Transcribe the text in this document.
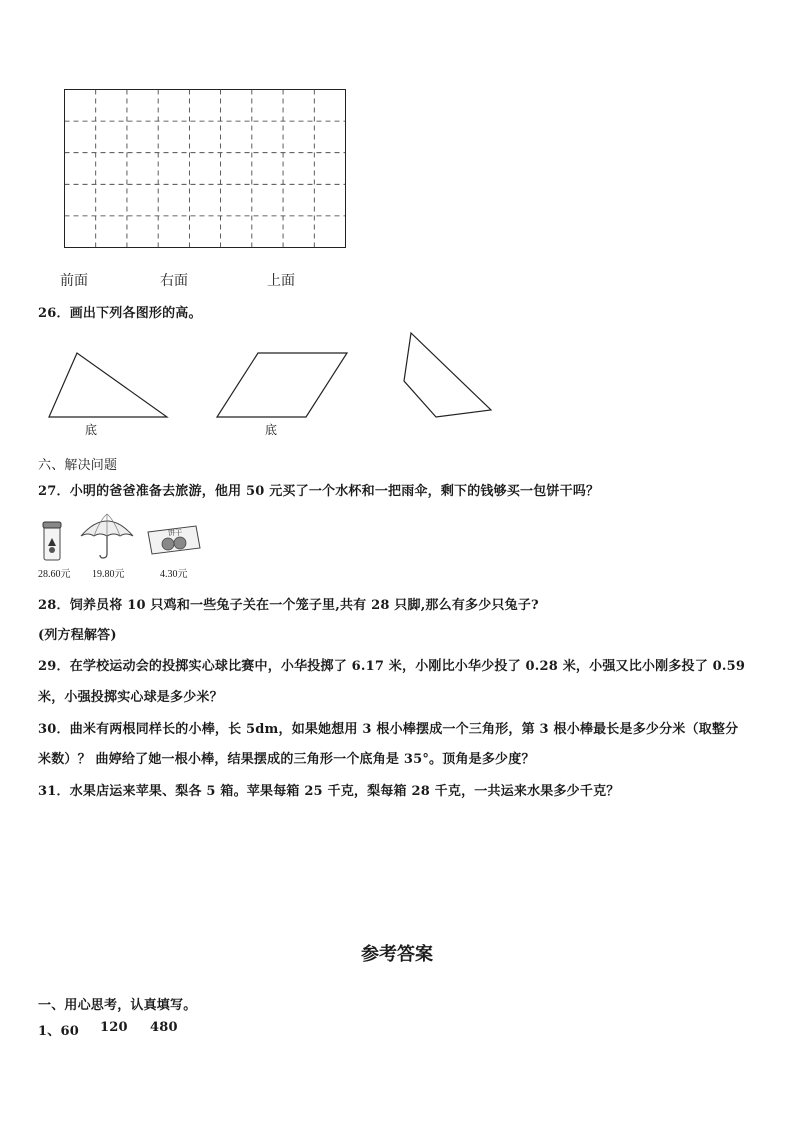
前面	右面	上面
26．画出下列各图形的高。
底	底
六、解决问题
27．小明的爸爸准备去旅游，他用 50 元买了一个水杯和一把雨伞，剩下的钱够买一包饼干吗？
饼干
28.60元 19.80元	4.30元
28．饲养员将 10 只鸡和一些兔子关在一个笼子里,共有 28 只脚,那么有多少只兔子?
(列方程解答)
29．在学校运动会的投掷实心球比赛中，小华投掷了 6.17 米，小刚比小华少投了 0.28 米，小强又比小刚多投了 0.59
米，小强投掷实心球是多少米？
30．曲米有两根同样长的小棒，长 5dm，如果她想用 3 根小棒摆成一个三角形，第 3 根小棒最长是多少分米（取整分
米数）？ 曲婷给了她一根小棒，结果摆成的三角形一个底角是 35°。顶角是多少度？
31．水果店运来苹果、梨各 5 箱。苹果每箱 25 千克，梨每箱 28 千克，一共运来水果多少千克？
参考答案
一、用心思考，认真填写。
1、60 120 480
